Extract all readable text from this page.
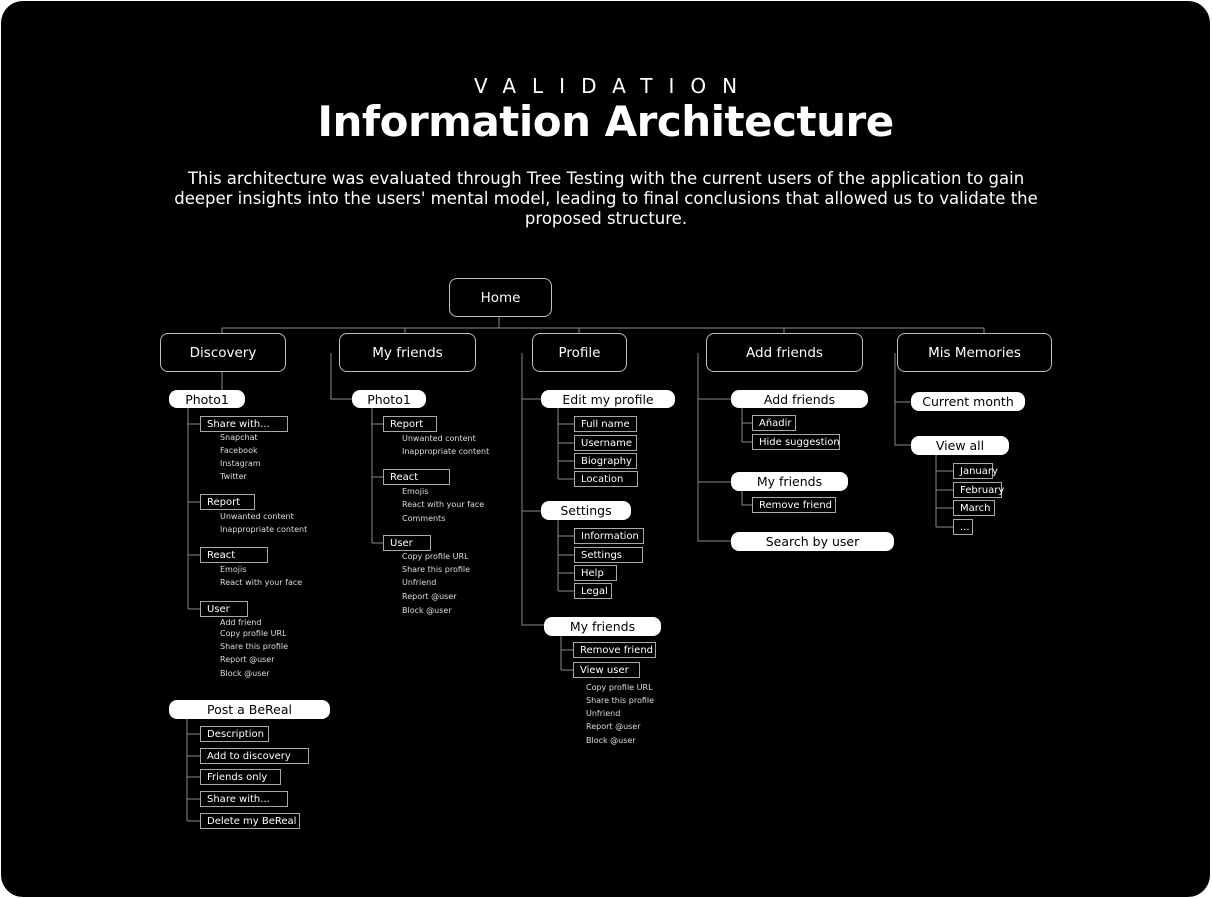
VALIDATION
Information Architecture
This architecture was evaluated through Tree Testing with the current users of the application to gain deeper insights into the users' mental model, leading to final conclusions that allowed us to validate the proposed structure.
Home
Discovery	My friends	Profile	Add friends	Mis Memories
Photo1
Share with...
Snapchat
Facebook
Instagram
Twitter
Report
Unwanted content
Inappropriate content
React
Emojis
React with your face
User
Add friend
Copy profile URL
Share this profile
Report @user
Block @user
Post a BeReal
Description
Add to discovery
Friends only
Share with...
Delete my BeReal
Photo1
Report
Unwanted content
Inappropriate content
React
Emojis
React with your face
Comments
User
Copy profile URL
Share this profile
Unfriend
Report @user
Block @user
Edit my profile
Full name
Username
Biography
Location
Settings
Information
Settings
Help
Legal
My friends
Remove friend
View user
Copy profile URL
Share this profile
Unfriend
Report @user
Block @user
Add friends
Añadir
Hide suggestion
My friends
Remove friend
Search by user
Current month
View all
January
February
March
...
